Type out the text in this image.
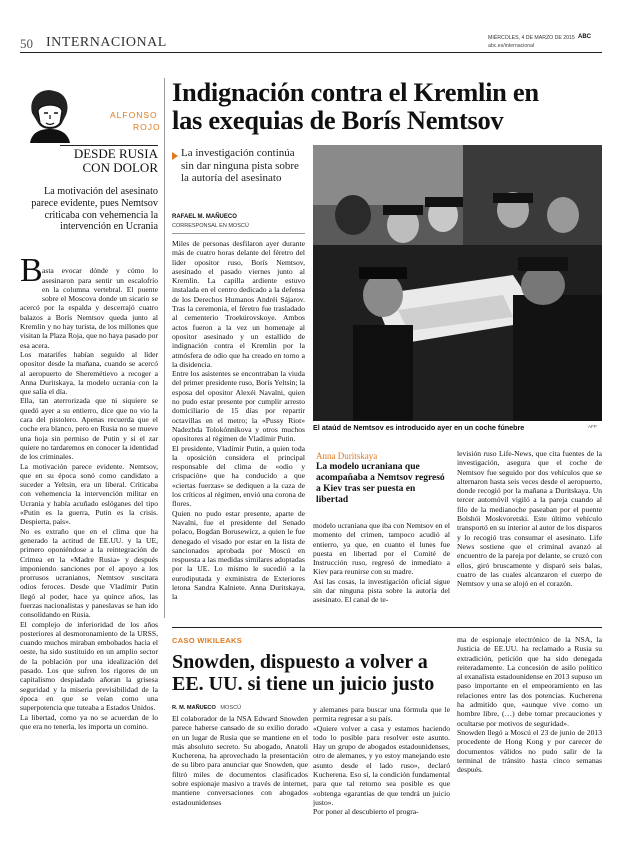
50 INTERNACIONAL	MIÉRCOLES, 4 DE MARZO DE 2015 ABC
abc.es/internacional
ALFONSO
ROJO
DESDE RUSIA
CON DOLOR
La motivación del asesinato parece evidente, pues Nemtsov criticaba con vehemencia la intervención en Ucrania
B asta evocar dónde y cómo lo asesinaron para sentir un escalofrío en la columna vertebral. El puente sobre el Moscova donde un sicario se acercó por la espalda y descerrajó cuatro balazos a Borís Nemtsov queda junto al Kremlin y no hay turista, de los millones que visitan la Plaza Roja, que no haya pasado por esa acera.
Los matarifes habían seguido al líder opositor desde la mañana, cuando se acercó al aeropuerto de Sheremétievo a recoger a Anna Duritskaya, la modelo ucrania con la que salía el día.
Ella, tan aterrorizada que ni siquiere se quedó ayer a su entierro, dice que no vio la cara del pistolero. Apenas recuerda que el coche era blanco, pero en Rusia no se mueve una hoja sin permiso de Putin y si el zar quiere no tardaremos en conocer la identidad de los criminales.
La motivación parece evidente. Nemtsov, que en su época sonó como candidato a suceder a Yeltsin, era un liberal. Criticaba con vehemencia la intervención militar en Ucrania y había acuñado eslóganes del tipo «Putin es la guerra, Putin es la crisis. Despierta, país».
No es extraño que en el clima que ha generado la actitud de EE.UU. y la UE, primero oponiéndose a la reintegración de Crimea en la «Madre Rusia» y después imponiendo sanciones por el apoyo a los prorrusos ucranianos, Nemtsov suscitara odios feroces. Desde que Vladímir Putin llegó al poder, hace ya quince años, las fuerzas nacionalistas y paneslavas se han ido consolidando en Rusia.
El complejo de inferioridad de los años posteriores al desmoronamiento de la URSS, cuando muchos miraban embobados hacia el oeste, ha sido sustituido en un amplio sector de la población por una idealización del pasado. Los que sufren los rigores de un capitalismo despiadado añoran la grisesa seguridad y la miseria previsibilidad de la época en que se veían como una superpotencia que tuteaba a Estados Unidos.
La libertad, como ya no se acuerdan de lo que era no tenerla, les importa un comino.

Indignación contra el Kremlin en
las exequias de Borís Nemtsov
La investigación continúa sin dar ninguna pista sobre la autoría del asesinato
RAFAEL M. MAÑUECO
CORRESPONSAL EN MOSCÚ
Miles de personas desfilaron ayer durante más de cuatro horas delante del féretro del líder opositor ruso, Borís Nemtsov, asesinado el pasado viernes junto al Kremlin. La capilla ardiente estuvo instalada en el centro dedicado a la defensa de los Derechos Humanos Andréi Sájarov. Tras la ceremonia, el féretro fue trasladado al cementerio Troekúrovskoye. Ambos actos fueron a la vez un homenaje al opositor asesinado y un estallido de indignación contra el Kremlin por la atmósfera de odio que ha creado en torno a la disidencia.
Entre los asistentes se encontraban la viuda del primer presidente ruso, Borís Yeltsin; la esposa del opositor Alexéi Navalni, quien no pudo estar presente por cumplir arresto domiciliario de 15 días por repartir octavillas en el metro; la «Pussy Riot» Nadezhda Tolokónnikova y otros muchos opositores al régimen de Vladímir Putin.
El presidente, Vladímir Putin, a quien toda la oposición considera el principal responsable del clima de «odio y crispación» que ha conducido a que «ciertas fuerzas» se dediquen a la caza de los críticos al régimen, envió una corona de flores.
Quien no pudo estar presente, aparte de Navalni, fue el presidente del Senado polaco, Bogdan Borusewicz, a quien le fue denegado el visado por estar en la lista de sancionados aprobada por Moscú en respuesta a las medidas similares adoptadas por la UE. Lo mismo le sucedió a la eurodiputada y exministra de Exteriores letona Sandra Kalniete. Anna Duritskaya, la
El ataúd de Nemtsov es introducido ayer en un coche fúnebre	AFP
Anna Duritskaya
La modelo ucraniana que acompañaba a Nemtsov regresó a Kiev tras ser puesta en libertad
modelo ucraniana que iba con Nemtsov en el momento del crimen, tampoco acudió al entierro, ya que, en cuanto el lunes fue puesta en libertad por el Comité de Instrucción ruso, regresó de inmediato a Kiev para reunirse con su madre.
Así las cosas, la investigación oficial sigue sin dar ninguna pista sobre la autoría del asesinato. El canal de te-
levisión ruso Life-News, que cita fuentes de la investigación, asegura que el coche de Nemtsov fue seguido por dos vehículos que se alternaron hasta seis veces desde el aeropuerto, donde recogió por la mañana a Duritskaya. Un tercer automóvil vigiló a la pareja cuando al filo de la medianoche paseaban por el puente Bolshói Moskvoretski. Este último vehículo transportó en su interior al autor de los disparos y lo recogió tras consumar el asesinato. Life News sostiene que el criminal avanzó al encuentro de la pareja por delante, se cruzó con ellos, giró bruscamente y disparó seis balas, cuatro de las cuales alcanzaron el cuerpo de Nemtsov y una se alojó en el corazón.
CASO WIKILEAKS
Snowden, dispuesto a volver a
EE. UU. si tiene un juicio justo
R. M. MAÑUECO MOSCÚ
El colaborador de la NSA Edward Snowden parece haberse cansado de su exilio dorado en un lugar de Rusia que se mantiene en el más absoluto secreto. Su abogado, Anatoli Kucherena, ha aprovechado la presentación de su libro para anunciar que Snowden, que filtró miles de documentos clasificados sobre espionaje masivo a través de internet, mantiene conversaciones con abogados estadounidenses
y alemanes para buscar una fórmula que le permita regresar a su país.
«Quiere volver a casa y estamos haciendo todo lo posible para resolver este asunto. Hay un grupo de abogados estadounidenses, otro de alemanes, y yo estoy manejando este asunto desde el lado ruso», declaró Kucherena. Eso sí, la condición fundamental para que tal retorno sea posible es que «obtenga «garantías de que tendrá un juicio justo».
Por poner al descubierto el progra-
ma de espionaje electrónico de la NSA, la Justicia de EE.UU. ha reclamado a Rusia su extradición, petición que ha sido denegada reiteradamente. La concesión de asilo político al exanalista estadounidense en 2013 supuso un paso importante en el empeoramiento en las relaciones entre las dos potencias. Kucherena ha admitido que, «aunque vive como un hombre libre, (…) debe tomar precauciones y ocultarse por motivos de seguridad».
Snowden llegó a Moscú el 23 de junio de 2013 procedente de Hong Kong y por carecer de documentos válidos no pudo salir de la terminal de tránsito hasta cinco semanas después.
